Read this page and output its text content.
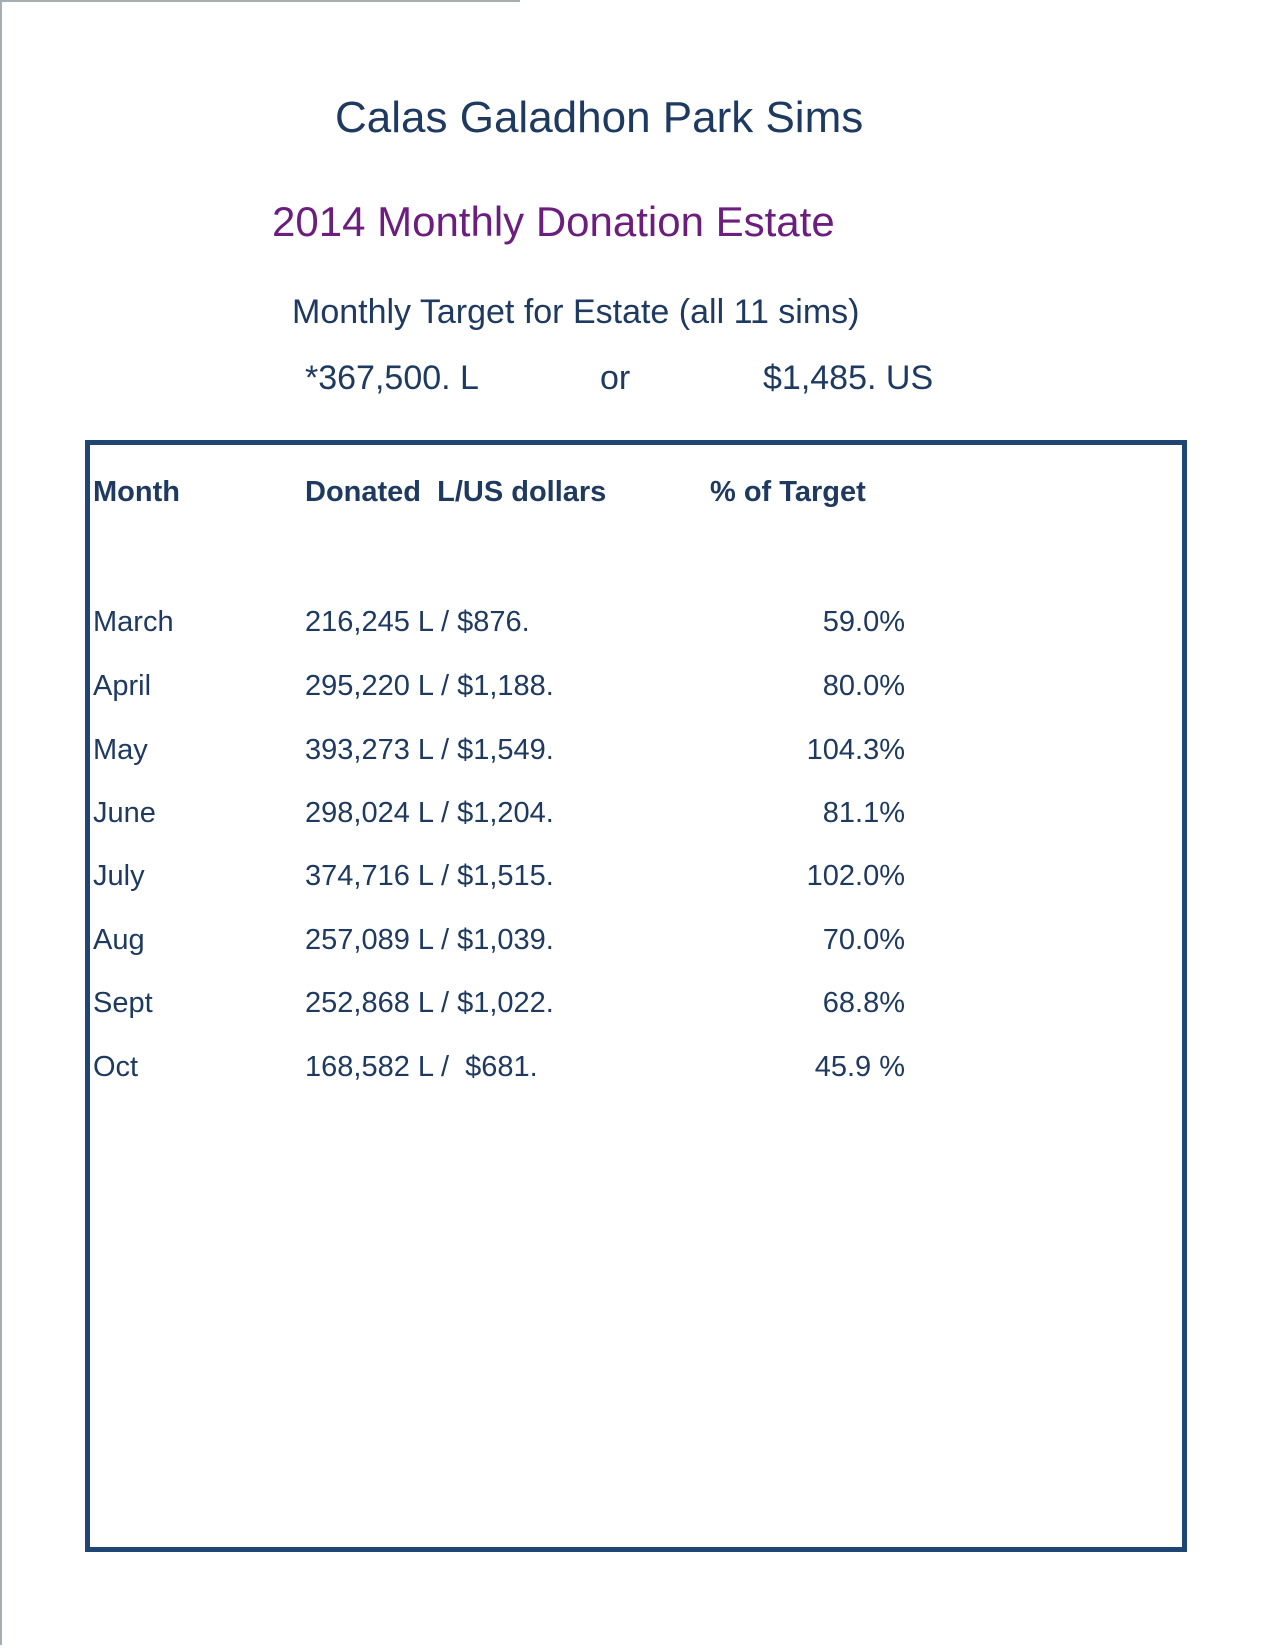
Calas Galadhon Park Sims
2014 Monthly Donation Estate
Monthly Target for Estate (all 11 sims)
*367,500. L	or	$1,485. US
Month	Donated  L/US dollars	% of Target
March	216,245 L / $876.	59.0%
April	295,220 L / $1,188.	80.0%
May	393,273 L / $1,549.	104.3%
June	298,024 L / $1,204.	81.1%
July	374,716 L / $1,515.	102.0%
Aug	257,089 L / $1,039.	70.0%
Sept	252,868 L / $1,022.	68.8%
Oct	168,582 L /  $681.	45.9 %
